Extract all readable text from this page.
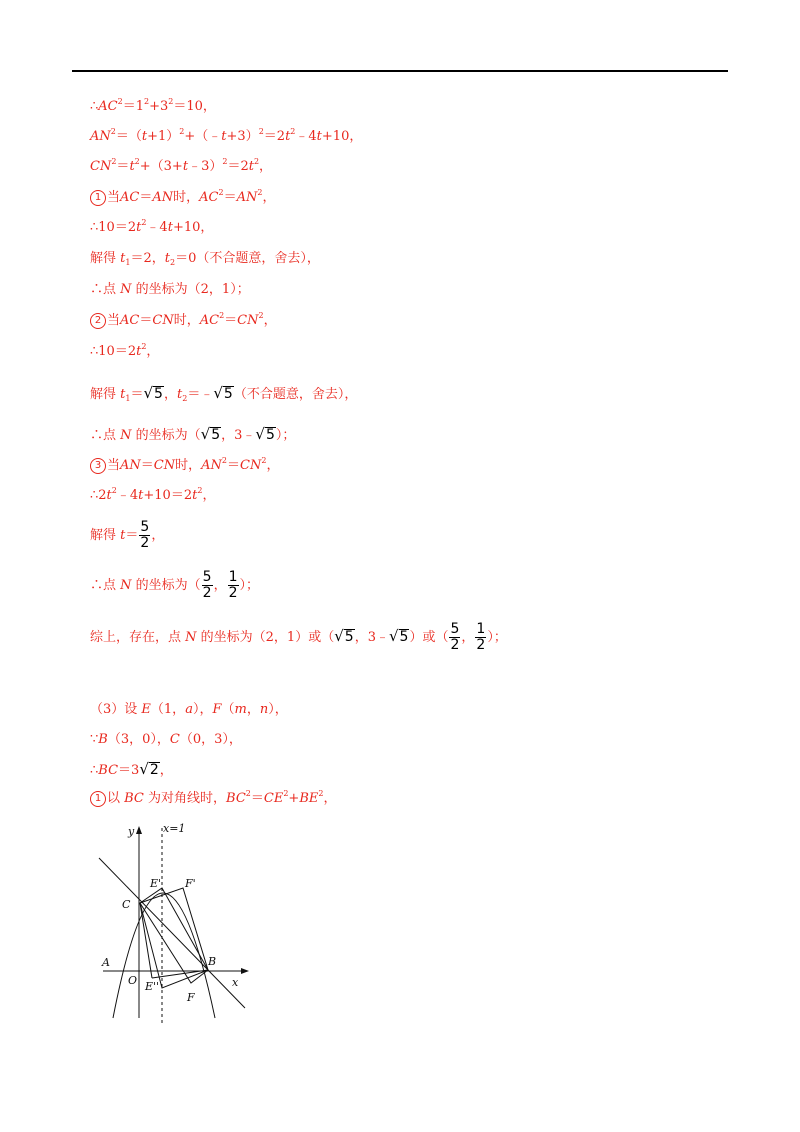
$\therefore AC^2=1^2+3^2=10$，
$AN^2=(t+1)^2+(﹣t+3)^2=2t^2﹣4t+10$，
$CN^2=t^2+(3+t﹣3)^2=2t^2$，
1 当AC＝AN时，$AC^2=AN^2$，
$\therefore 10=2t^2﹣4t+10$，
解得 $t_1=2$，$t_2=0$（不合题意，舍去），
∴点 N 的坐标为（2，1）；
2 当AC＝CN时，$AC^2=CN^2$，
$\therefore 10=2t^2$，
解得 $t_1=√5$，$t_2=﹣√5$（不合题意，舍去），
∴点 N 的坐标为（√5，3﹣√5）；
3 当AN＝CN时，$AN^2=CN^2$，
$\therefore 2t^2﹣4t+10=2t^2$，
解得 $t= \frac{5}{2}$ ，
∴点 N 的坐标为（ $\frac{5}{2}$ ， $\frac{1}{2}$ ）；
综上，存在，点 N 的坐标为（2，1）或（√5，3﹣√5）或（ $\frac{5}{2}$ ， $\frac{1}{2}$ ）；
（3）设 E（1，a），F（m，n），
∵B（3，0），C（0，3），
∴BC＝3√2，
1 以 BC 为对角线时，$BC^2=CE^2+BE^2$，
y	x=1
E' F'
C
A	B
O E''	x
F
